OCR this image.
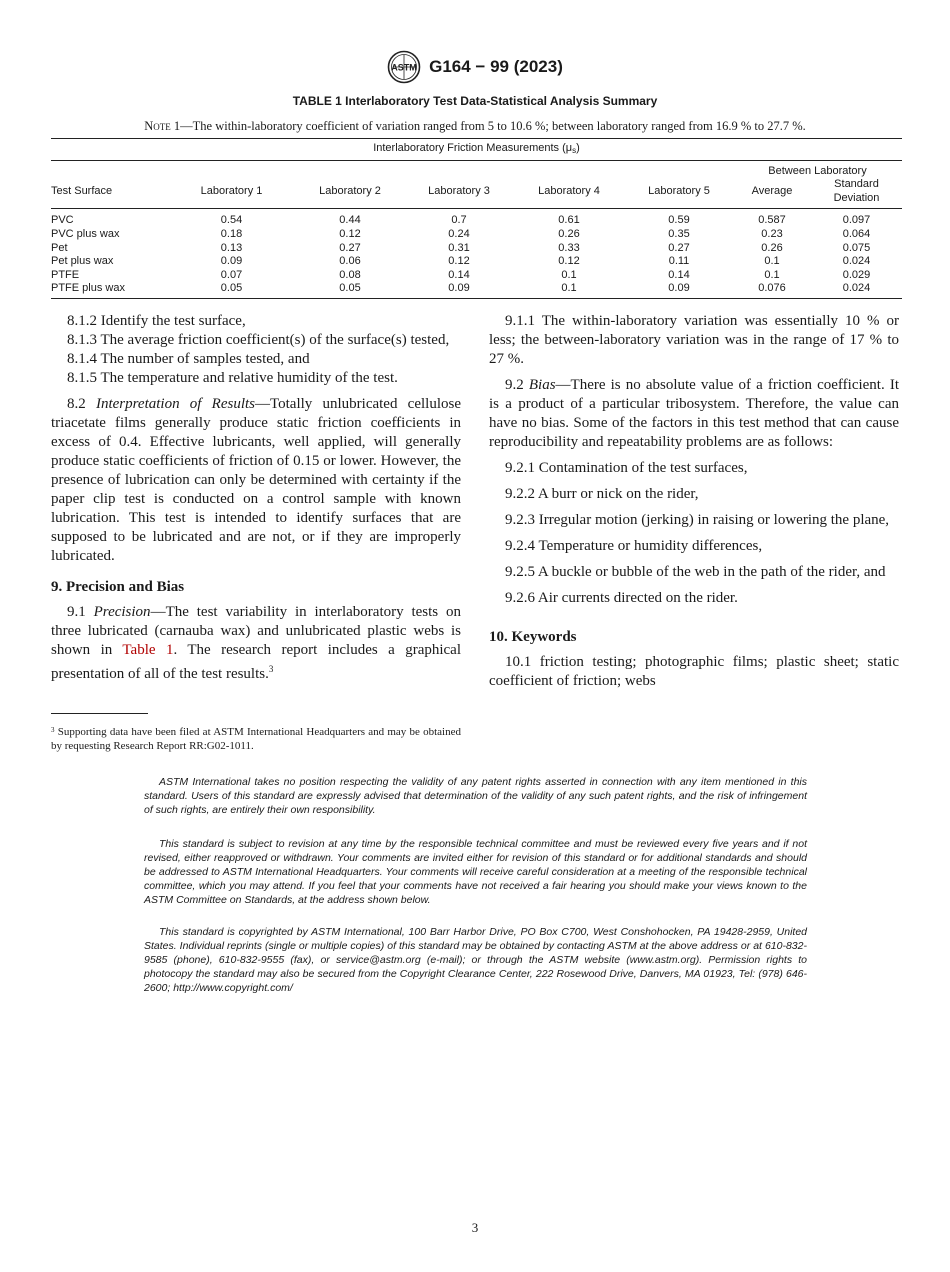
ASTM G164 − 99 (2023)
TABLE 1 Interlaboratory Test Data-Statistical Analysis Summary
Note 1—The within-laboratory coefficient of variation ranged from 5 to 10.6 %; between laboratory ranged from 16.9 % to 27.7 %.

Interlaboratory Friction Measurements $(\mu_s)$							
						Between Laboratory	
Test Surface	Laboratory 1	Laboratory 2	Laboratory 3	Laboratory 4	Laboratory 5	Average	Standard Deviation
PVC	0.54	0.44	0.7	0.61	0.59	0.587	0.097
PVC plus wax	0.18	0.12	0.24	0.26	0.35	0.23	0.064
Pet	0.13	0.27	0.31	0.33	0.27	0.26	0.075
Pet plus wax	0.09	0.06	0.12	0.12	0.11	0.1	0.024
PTFE	0.07	0.08	0.14	0.1	0.14	0.1	0.029
PTFE plus wax	0.05	0.05	0.09	0.1	0.09	0.076	0.024

8.1.2 Identify the test surface,

8.1.3 The average friction coefficient(s) of the surface(s) tested,

8.1.4 The number of samples tested, and

8.1.5 The temperature and relative humidity of the test.

8.2 Interpretation of Results—Totally unlubricated cellulose triacetate films generally produce static friction coefficients in excess of 0.4. Effective lubricants, well applied, will generally produce static coefficients of friction of 0.15 or lower. However, the presence of lubrication can only be determined with certainty if the paper clip test is conducted on a control sample with known lubrication. This test is intended to identify surfaces that are supposed to be lubricated and are not, or if they are improperly lubricated.

9. Precision and Bias

9.1 Precision—The test variability in interlaboratory tests on three lubricated (carnauba wax) and unlubricated plastic webs is shown in Table 1. The research report includes a graphical presentation of all of the test results.$^3$

$^3$ Supporting data have been filed at ASTM International Headquarters and may be obtained by requesting Research Report RR:G02-1011.

9.1.1 The within-laboratory variation was essentially 10 % or less; the between-laboratory variation was in the range of 17 % to 27 %.

9.2 Bias—There is no absolute value of a friction coefficient. It is a product of a particular tribosystem. Therefore, the value can have no bias. Some of the factors in this test method that can cause reproducibility and repeatability problems are as follows:

9.2.1 Contamination of the test surfaces,

9.2.2 A burr or nick on the rider,

9.2.3 Irregular motion (jerking) in raising or lowering the plane,

9.2.4 Temperature or humidity differences,

9.2.5 A buckle or bubble of the web in the path of the rider, and

9.2.6 Air currents directed on the rider.

10. Keywords

10.1 friction testing; photographic films; plastic sheet; static coefficient of friction; webs

ASTM International takes no position respecting the validity of any patent rights asserted in connection with any item mentioned in this standard. Users of this standard are expressly advised that determination of the validity of any such patent rights, and the risk of infringement of such rights, are entirely their own responsibility.
This standard is subject to revision at any time by the responsible technical committee and must be reviewed every five years and if not revised, either reapproved or withdrawn. Your comments are invited either for revision of this standard or for additional standards and should be addressed to ASTM International Headquarters. Your comments will receive careful consideration at a meeting of the responsible technical committee, which you may attend. If you feel that your comments have not received a fair hearing you should make your views known to the ASTM Committee on Standards, at the address shown below.
This standard is copyrighted by ASTM International, 100 Barr Harbor Drive, PO Box C700, West Conshohocken, PA 19428-2959, United States. Individual reprints (single or multiple copies) of this standard may be obtained by contacting ASTM at the above address or at 610-832-9585 (phone), 610-832-9555 (fax), or service@astm.org (e-mail); or through the ASTM website (www.astm.org). Permission rights to photocopy the standard may also be secured from the Copyright Clearance Center, 222 Rosewood Drive, Danvers, MA 01923, Tel: (978) 646-2600; http://www.copyright.com/
3
